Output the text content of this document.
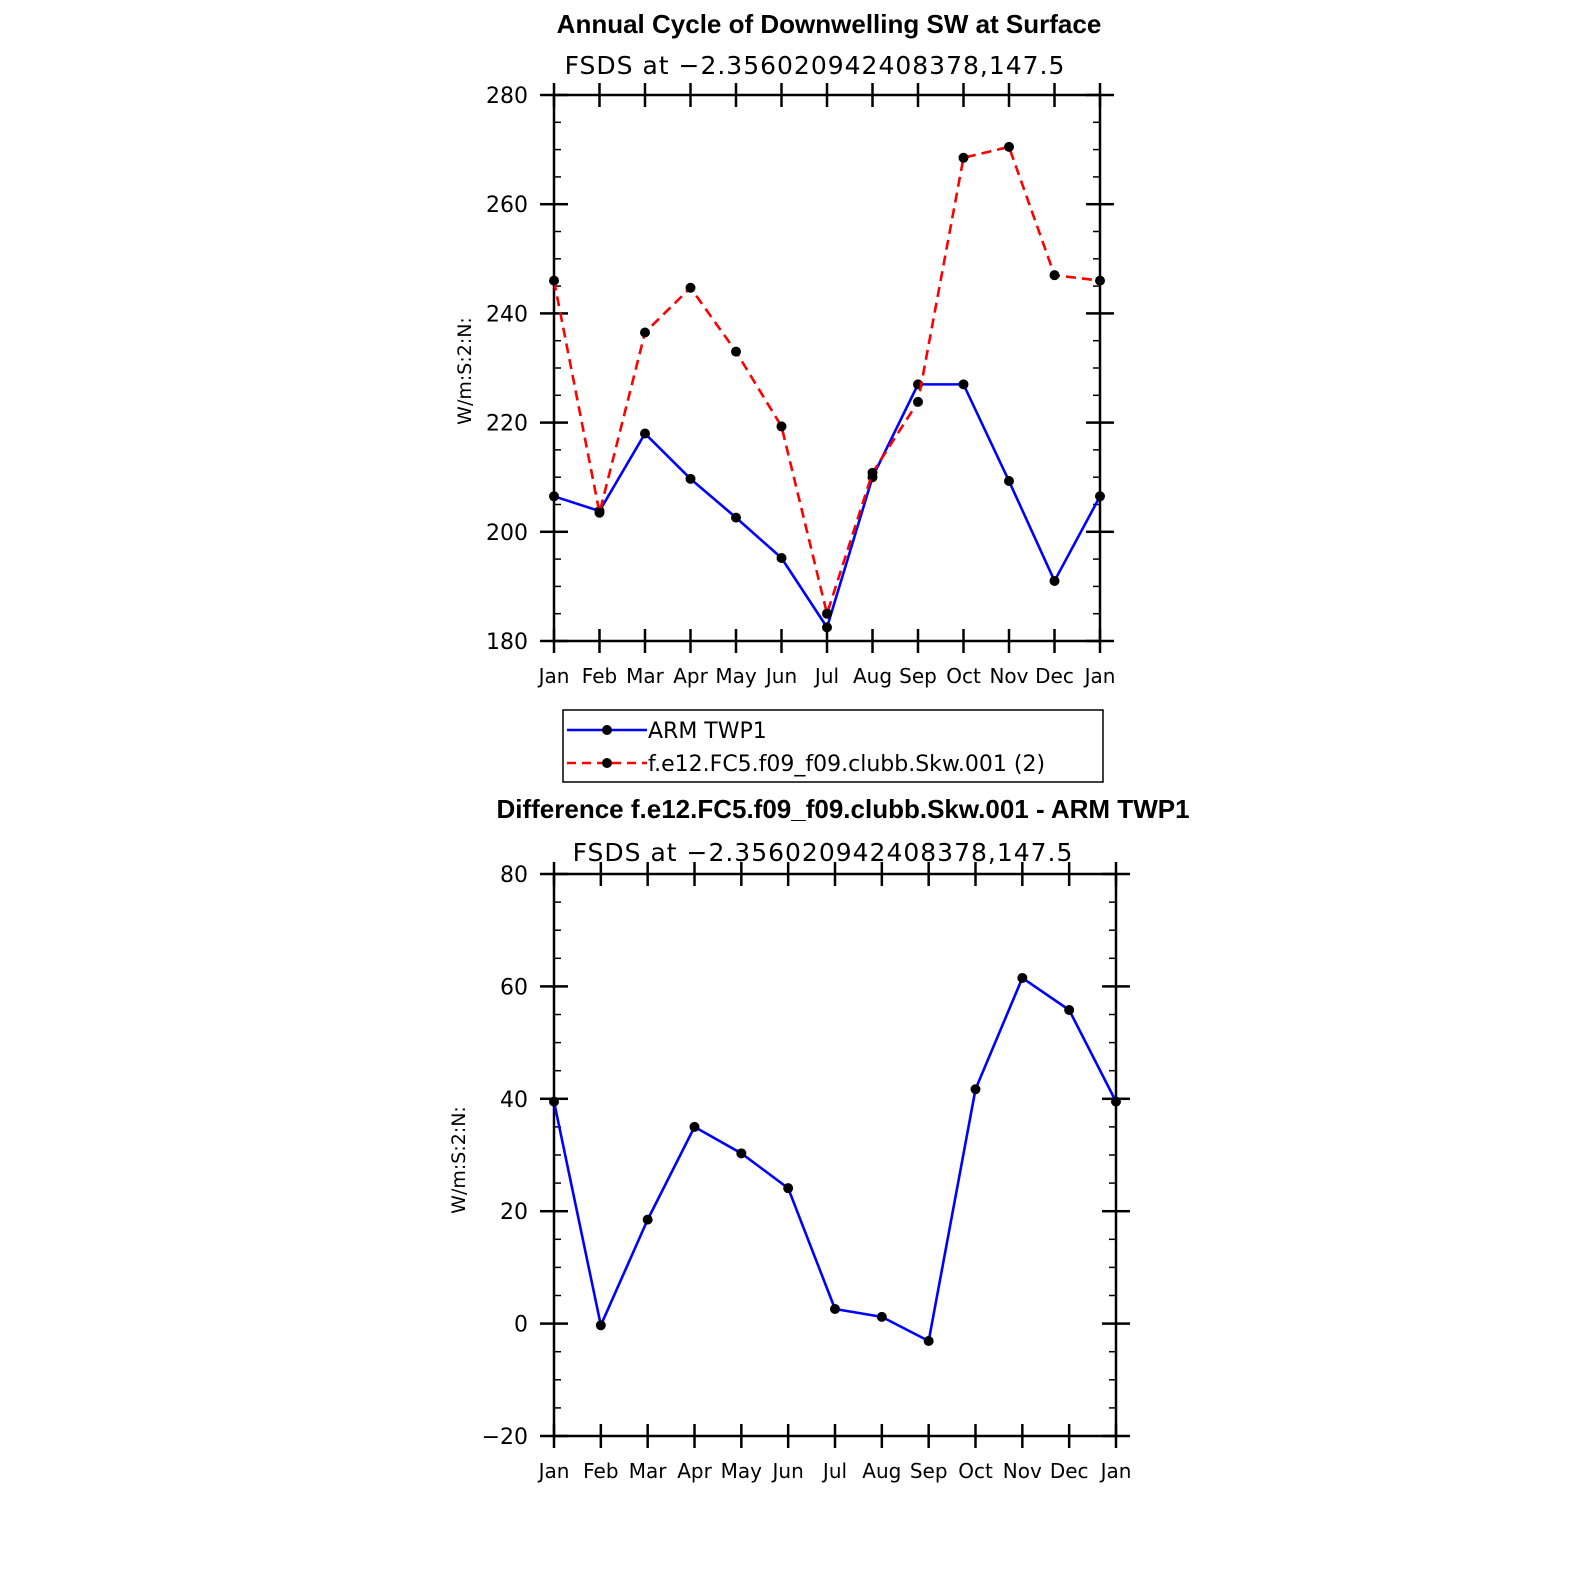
Annual Cycle of Downwelling SW at Surface
FSDS at −2.356020942408378,147.5
W/m:S:2:N:
Jan Feb Mar Apr May Jun Jul Aug Sep Oct Nov Dec Jan
180
200
220
240
260
280
ARM TWP1
f.e12.FC5.f09_f09.clubb.Skw.001 (2)
Difference f.e12.FC5.f09_f09.clubb.Skw.001 - ARM TWP1
FSDS at −2.356020942408378,147.5
W/m:S:2:N:
Jan Feb Mar Apr May Jun Jul Aug Sep Oct Nov Dec Jan
−20
0
20
40
60
80
